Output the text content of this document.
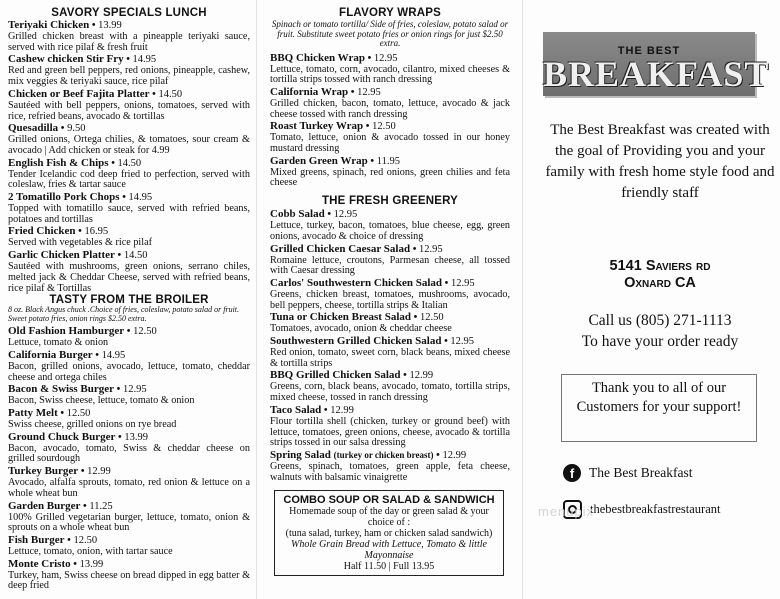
SAVORY SPECIALS LUNCH
Teriyaki Chicken • 13.99
Grilled chicken breast with a pineapple teriyaki sauce, served with rice pilaf & fresh fruit
Cashew chicken Stir Fry • 14.95
Red and green bell peppers, red onions, pineapple, cashew, mix veggies & teriyaki sauce, rice pilaf
Chicken or Beef Fajita Platter • 14.50
Sautéed with bell peppers, onions, tomatoes, served with rice, refried beans, avocado & tortillas
Quesadilla • 9.50
Grilled onions, Ortega chilies, & tomatoes, sour cream & avocado | Add chicken or steak for 4.99
English Fish & Chips • 14.50
Tender Icelandic cod deep fried to perfection, served with coleslaw, fries & tartar sauce
2 Tomatillo Pork Chops • 14.95
Topped with tomatillo sauce, served with refried beans, potatoes and tortillas
Fried Chicken • 16.95
Served with vegetables & rice pilaf
Garlic Chicken Platter • 14.50
Sautéed with mushrooms, green onions, serrano chiles, melted jack & Cheddar Cheese, served with refried beans, rice pilaf & Tortillas
TASTY FROM THE BROILER
8 oz. Black Angus chuck .Choice of fries, coleslaw, potato salad or fruit. Sweet potato fries, onion rings $2.50 extra.
Old Fashion Hamburger • 12.50
Lettuce, tomato & onion
California Burger • 14.95
Bacon, grilled onions, avocado, lettuce, tomato, cheddar cheese and ortega chiles
Bacon & Swiss Burger • 12.95
Bacon, Swiss cheese, lettuce, tomato & onion
Patty Melt • 12.50
Swiss cheese, grilled onions on rye bread
Ground Chuck Burger • 13.99
Bacon, avocado, tomato, Swiss & cheddar cheese on grilled sourdough
Turkey Burger • 12.99
Avocado, alfalfa sprouts, tomato, red onion & lettuce on a whole wheat bun
Garden Burger • 11.25
100% Grilled vegetarian burger, lettuce, tomato, onion & sprouts on a whole wheat bun
Fish Burger • 12.50
Lettuce, tomato, onion, with tartar sauce
Monte Cristo • 13.99
Turkey, ham, Swiss cheese on bread dipped in egg batter & deep fried
FLAVORY WRAPS
Spinach or tomato tortilla/ Side of fries, coleslaw, potato salad or fruit. Substitute sweet potato fries or onion rings for just $2.50 extra.
BBQ Chicken Wrap • 12.95
Lettuce, tomato, corn, avocado, cilantro, mixed cheeses & tortilla strips tossed with ranch dressing
California Wrap • 12.95
Grilled chicken, bacon, tomato, lettuce, avocado & jack cheese tossed with ranch dressing
Roast Turkey Wrap • 12.50
Tomato, lettuce, onion & avocado tossed in our honey mustard dressing
Garden Green Wrap • 11.95
Mixed greens, spinach, red onions, green chilies and feta cheese
THE FRESH GREENERY
Cobb Salad • 12.95
Lettuce, turkey, bacon, tomatoes, blue cheese, egg, green onions, avocado & choice of dressing
Grilled Chicken Caesar Salad • 12.95
Romaine lettuce, croutons, Parmesan cheese, all tossed with Caesar dressing
Carlos' Southwestern Chicken Salad • 12.95
Greens, chicken breast, tomatoes, mushrooms, avocado, bell peppers, cheese, tortilla strips & Italian
Tuna or Chicken Breast Salad • 12.50
Tomatoes, avocado, onion & cheddar cheese
Southwestern Grilled Chicken Salad • 12.95
Red onion, tomato, sweet corn, black beans, mixed cheese & tortilla strips
BBQ Grilled Chicken Salad • 12.99
Greens, corn, black beans, avocado, tomato, tortilla strips, mixed cheese, tossed in ranch dressing
Taco Salad • 12.99
Flour tortilla shell (chicken, turkey or ground beef) with lettuce, tomatoes, green onions, cheese, avocado & tortilla strips tossed in our salsa dressing
Spring Salad (turkey or chicken breast) • 12.99
Greens, spinach, tomatoes, green apple, feta cheese, walnuts with balsamic vinaigrette
COMBO SOUP OR SALAD & SANDWICH
Homemade soup of the day or green salad & your choice of :
(tuna salad, turkey, ham or chicken salad sandwich)
Whole Grain Bread with Lettuce, Tomato & little Mayonnaise
Half 11.50 | Full 13.95
THE BEST
BREAKFAST
The Best Breakfast was created with the goal of Providing you and your family with fresh home style food and friendly staff
5141 Saviers rd
Oxnard CA
Call us (805) 271-1113
To have your order ready
Thank you to all of our Customers for your support!
f	The Best Breakfast
thebestbreakfastrestaurant
menupix
